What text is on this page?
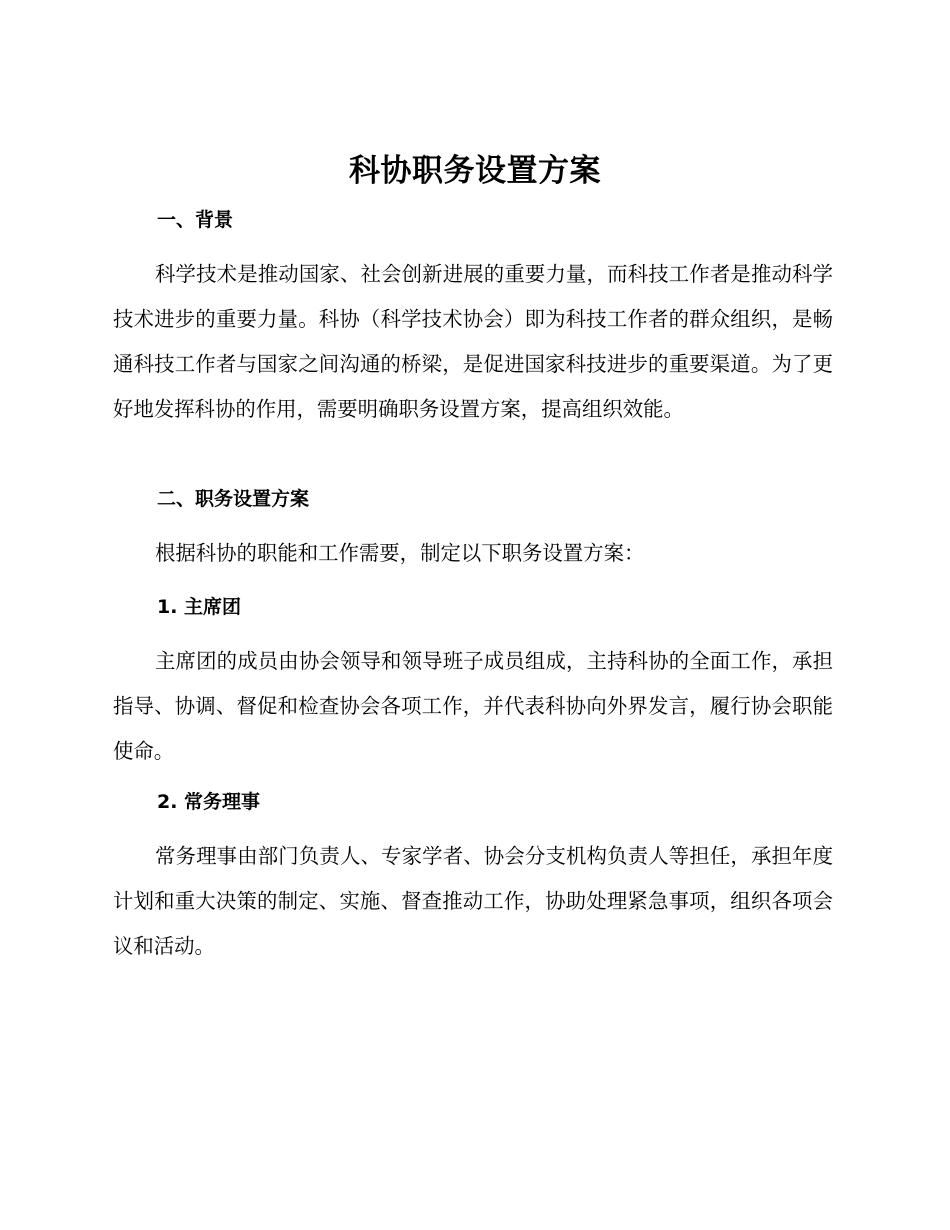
科协职务设置方案
一、背景
科学技术是推动国家、社会创新进展的重要力量，而科技工作者是推动科学技术进步的重要力量。科协（科学技术协会）即为科技工作者的群众组织，是畅通科技工作者与国家之间沟通的桥梁，是促进国家科技进步的重要渠道。为了更好地发挥科协的作用，需要明确职务设置方案，提高组织效能。
二、职务设置方案
根据科协的职能和工作需要，制定以下职务设置方案：
1. 主席团
主席团的成员由协会领导和领导班子成员组成，主持科协的全面工作，承担指导、协调、督促和检查协会各项工作，并代表科协向外界发言，履行协会职能使命。
2. 常务理事
常务理事由部门负责人、专家学者、协会分支机构负责人等担任，承担年度计划和重大决策的制定、实施、督查推动工作，协助处理紧急事项，组织各项会议和活动。
